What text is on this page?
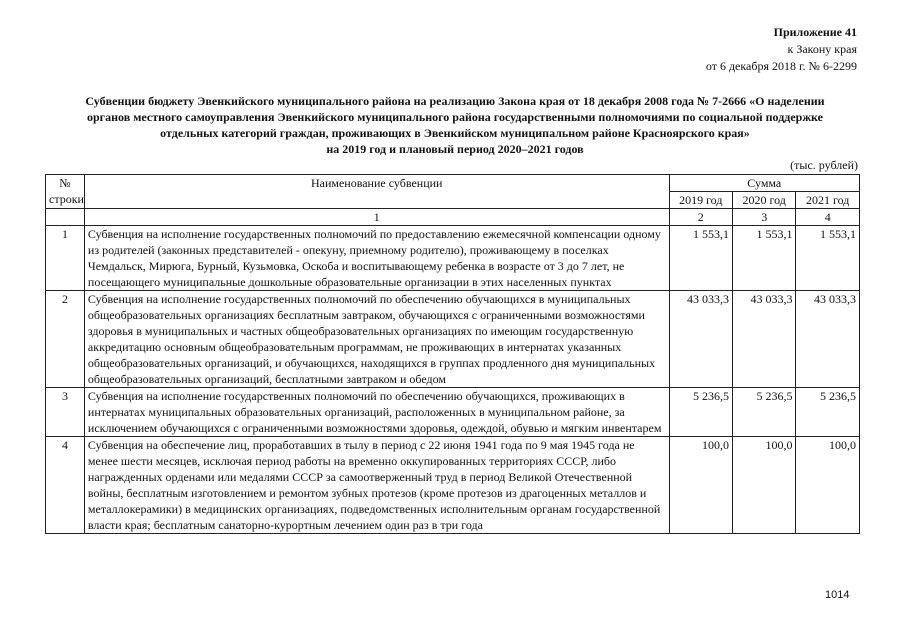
Приложение 41
к Закону края
от 6 декабря 2018 г. № 6-2299
Субвенции бюджету Эвенкийского муниципального района на реализацию Закона края от 18 декабря 2008 года № 7-2666 «О наделении
органов местного самоуправления Эвенкийского муниципального района государственными полномочиями по социальной поддержке
отдельных категорий граждан, проживающих в Эвенкийском муниципальном районе Красноярского края»
на 2019 год и плановый период 2020–2021 годов
(тыс. рублей)
№
строки	Наименование субвенции	Сумма		
		2019 год	2020 год	2021 год
	1	2	3	4
1	Субвенция на исполнение государственных полномочий по предоставлению ежемесячной компенсации одному из родителей (законных представителей - опекуну, приемному родителю), проживающему в поселках Чемдальск, Мирюга, Бурный, Кузьмовка, Оскоба и воспитывающему ребенка в возрасте от 3 до 7 лет, не посещающего муниципальные дошкольные образовательные организации в этих населенных пунктах	1 553,1	1 553,1	1 553,1
2	Субвенция на исполнение государственных полномочий по обеспечению обучающихся в муниципальных общеобразовательных организациях бесплатным завтраком, обучающихся с ограниченными возможностями здоровья в муниципальных и частных общеобразовательных организациях по имеющим государственную аккредитацию основным общеобразовательным программам, не проживающих в интернатах указанных общеобразовательных организаций, и обучающихся, находящихся в группах продленного дня муниципальных общеобразовательных организаций, бесплатными завтраком и обедом	43 033,3	43 033,3	43 033,3
3	Субвенция на исполнение государственных полномочий по обеспечению обучающихся, проживающих в интернатах муниципальных образовательных организаций, расположенных в муниципальном районе, за исключением обучающихся с ограниченными возможностями здоровья, одеждой, обувью и мягким инвентарем	5 236,5	5 236,5	5 236,5
4	Субвенция на обеспечение лиц, проработавших в тылу в период с 22 июня 1941 года по 9 мая 1945 года не менее шести месяцев, исключая период работы на временно оккупированных территориях СССР, либо награжденных орденами или медалями СССР за самоотверженный труд в период Великой Отечественной войны, бесплатным изготовлением и ремонтом зубных протезов (кроме протезов из драгоценных металлов и металлокерамики) в медицинских организациях, подведомственных исполнительным органам государственной власти края; бесплатным санаторно-курортным лечением один раз в три года	100,0	100,0	100,0
1014
